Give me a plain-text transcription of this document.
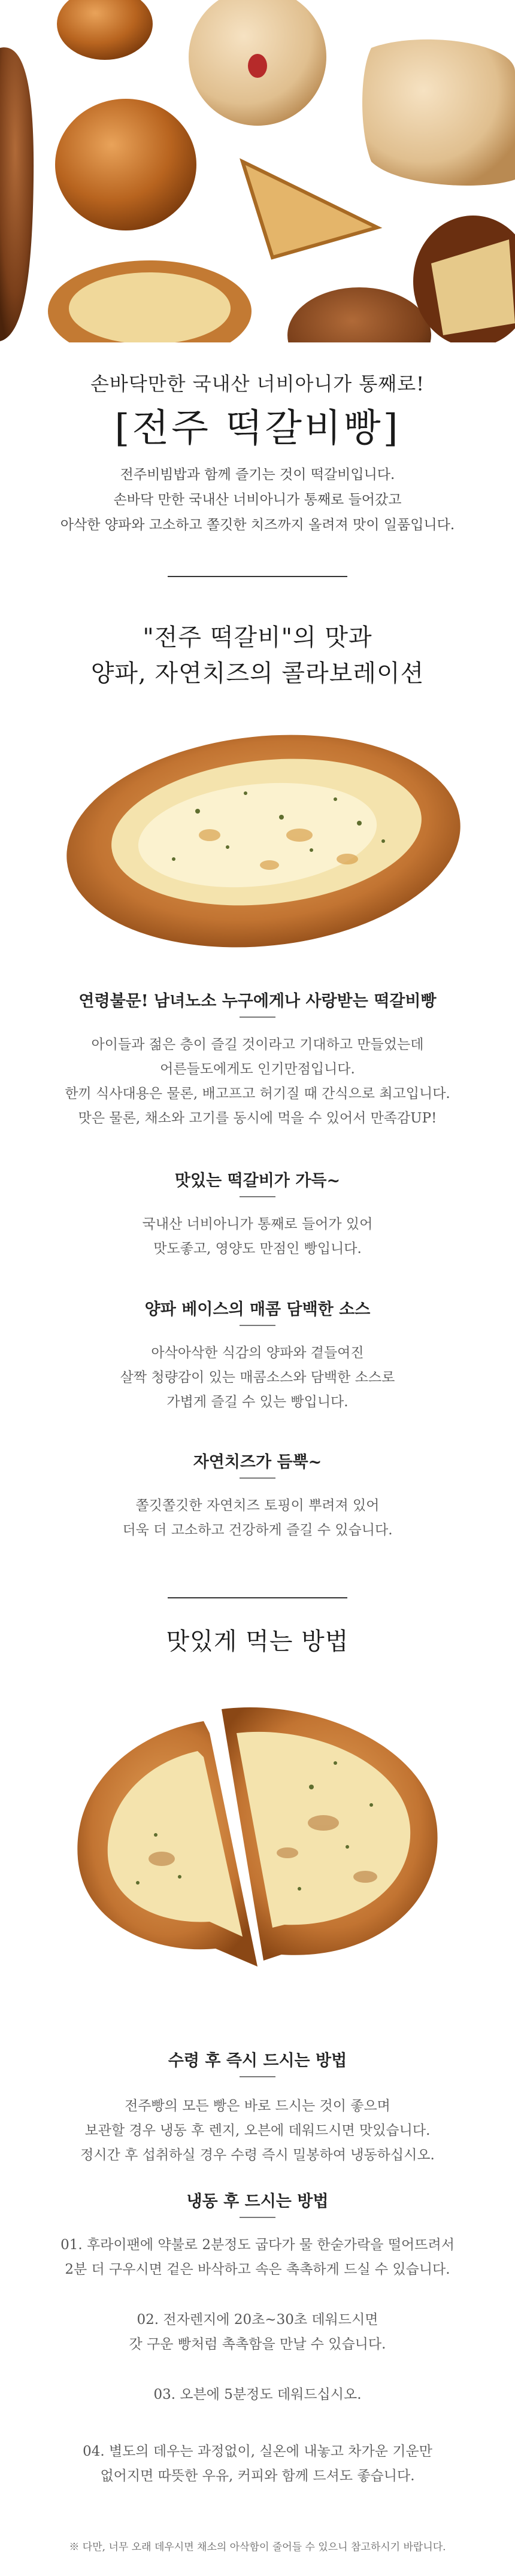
손바닥만한 국내산 너비아니가 통째로!
[전주 떡갈비빵]
전주비빔밥과 함께 즐기는 것이 떡갈비입니다.
손바닥 만한 국내산 너비아니가 통째로 들어갔고
아삭한 양파와 고소하고 쫄깃한 치즈까지 올려져 맛이 일품입니다.
"전주 떡갈비"의 맛과
양파, 자연치즈의 콜라보레이션
연령불문! 남녀노소 누구에게나 사랑받는 떡갈비빵
아이들과 젊은 층이 즐길 것이라고 기대하고 만들었는데
어른들도에게도 인기만점입니다.
한끼 식사대용은 물론, 배고프고 허기질 때 간식으로 최고입니다.
맛은 물론, 채소와 고기를 동시에 먹을 수 있어서 만족감UP!
맛있는 떡갈비가 가득~
국내산 너비아니가 통째로 들어가 있어
맛도좋고, 영양도 만점인 빵입니다.
양파 베이스의 매콤 담백한 소스
아삭아삭한 식감의 양파와 곁들여진
살짝 청량감이 있는 매콤소스와 담백한 소스로
가볍게 즐길 수 있는 빵입니다.
자연치즈가 듬뿍~
쫄깃쫄깃한 자연치즈 토핑이 뿌려져 있어
더욱 더 고소하고 건강하게 즐길 수 있습니다.
맛있게 먹는 방법
수령 후 즉시 드시는 방법
전주빵의 모든 빵은 바로 드시는 것이 좋으며
보관할 경우 냉동 후 렌지, 오븐에 데워드시면 맛있습니다.
정시간 후 섭취하실 경우 수령 즉시 밀봉하여 냉동하십시오.
냉동 후 드시는 방법
01. 후라이팬에 약불로 2분정도 굽다가 물 한숟가락을 떨어뜨려서
2분 더 구우시면 겉은 바삭하고 속은 촉촉하게 드실 수 있습니다.
02. 전자렌지에 20초~30초 데워드시면
갓 구운 빵처럼 촉촉함을 만날 수 있습니다.
03. 오븐에 5분정도 데워드십시오.
04. 별도의 데우는 과정없이, 실온에 내놓고 차가운 기운만
없어지면 따뜻한 우유, 커피와 함께 드셔도 좋습니다.
※ 다만, 너무 오래 데우시면 채소의 아삭함이 줄어들 수 있으니 참고하시기 바랍니다.
